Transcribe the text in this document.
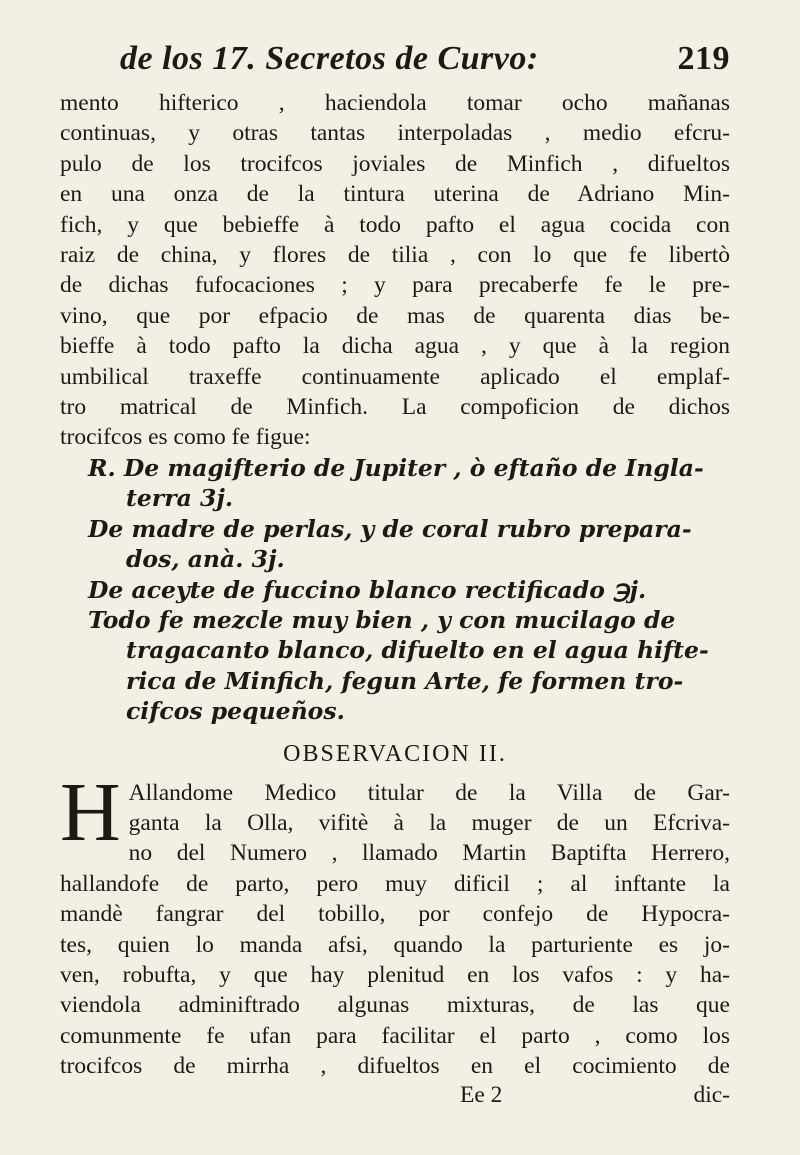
de los 17. Secretos de Curvo:	219
mento hifterico , haciendola tomar ocho mañanas
continuas, y otras tantas interpoladas , medio efcru-
pulo de los trocifcos joviales de Minfich , difueltos
en una onza de la tintura uterina de Adriano Min-
fich, y que bebieffe à todo pafto el agua cocida con
raiz de china, y flores de tilia , con lo que fe libertò
de dichas fufocaciones ; y para precaberfe fe le pre-
vino, que por efpacio de mas de quarenta dias be-
bieffe à todo pafto la dicha agua , y que à la region
umbilical traxeffe continuamente aplicado el emplaf-
tro matrical de Minfich. La compoficion de dichos
trocifcos es como fe figue:
R. De magifterio de Jupiter , ò eftaño de Ingla-
terra 3j.
De madre de perlas, y de coral rubro prepara-
dos, anà. 3j.
De aceyte de fuccino blanco rectificado ℈j.
Todo fe mezcle muy bien , y con mucilago de
tragacanto blanco, difuelto en el agua hifte-
rica de Minfich, fegun Arte, fe formen tro-
cifcos pequeños.
OBSERVACION II.
H Allandome Medico titular de la Villa de Gar-
ganta la Olla, vifitè à la muger de un Efcriva-
no del Numero , llamado Martin Baptifta Herrero,
hallandofe de parto, pero muy dificil ; al inftante la
mandè fangrar del tobillo, por confejo de Hypocra-
tes, quien lo manda afsi, quando la parturiente es jo-
ven, robufta, y que hay plenitud en los vafos : y ha-
viendola adminiftrado algunas mixturas, de las que
comunmente fe ufan para facilitar el parto , como los
trocifcos de mirrha , difueltos en el cocimiento de
Ee 2	dic-
